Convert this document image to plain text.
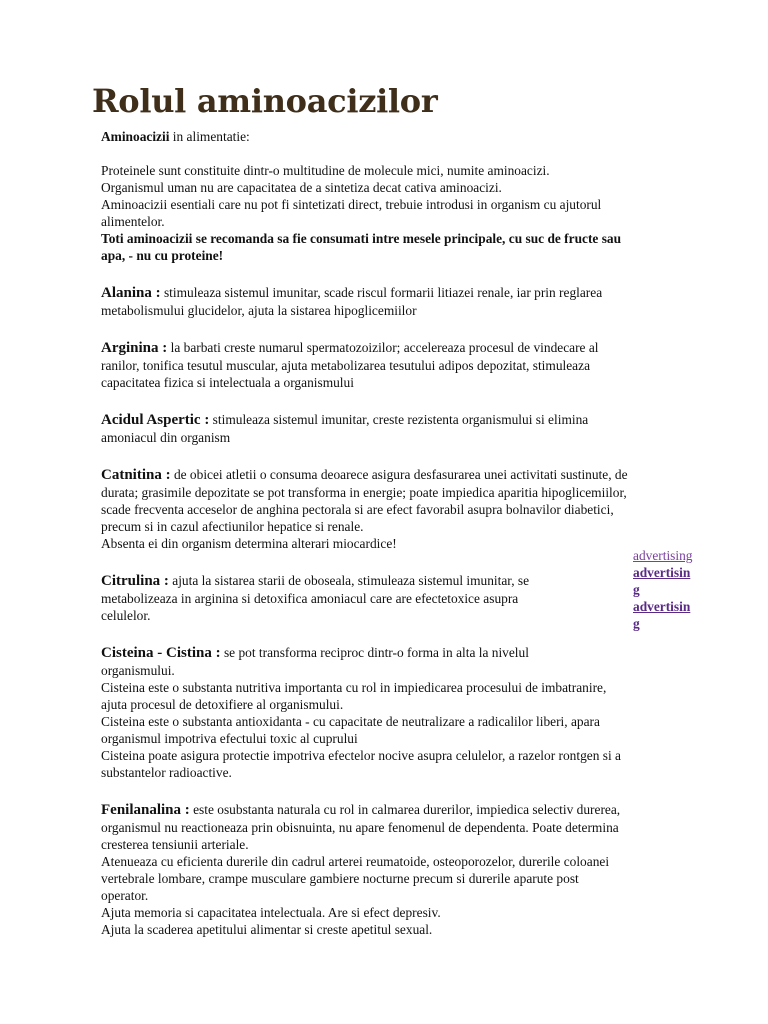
Rolul aminoacizilor
Aminoacizii in alimentatie:
Proteinele sunt constituite dintr-o multitudine de molecule mici, numite aminoacizi.
Organismul uman nu are capacitatea de a sintetiza decat cativa aminoacizi.
Aminoacizii esentiali care nu pot fi sintetizati direct, trebuie introdusi in organism cu ajutorul
alimentelor.
Toti aminoacizii se recomanda sa fie consumati intre mesele principale, cu suc de fructe sau
apa, - nu cu proteine!
Alanina : stimuleaza sistemul imunitar, scade riscul formarii litiazei renale, iar prin reglarea
metabolismului glucidelor, ajuta la sistarea hipoglicemiilor
Arginina : la barbati creste numarul spermatozoizilor; accelereaza procesul de vindecare al
ranilor, tonifica tesutul muscular, ajuta metabolizarea tesutului adipos depozitat, stimuleaza
capacitatea fizica si intelectuala a organismului
Acidul Aspertic : stimuleaza sistemul imunitar, creste rezistenta organismului si elimina
amoniacul din organism
Catnitina : de obicei atletii o consuma deoarece asigura desfasurarea unei activitati sustinute, de
durata; grasimile depozitate se pot transforma in energie; poate impiedica aparitia hipoglicemiilor,
scade frecventa acceselor de anghina pectorala si are efect favorabil asupra bolnavilor diabetici,
precum si in cazul afectiunilor hepatice si renale.
Absenta ei din organism determina alterari miocardice!
Citrulina : ajuta la sistarea starii de oboseala, stimuleaza sistemul imunitar, se
metabolizeaza in arginina si detoxifica amoniacul care are efectetoxice asupra
celulelor.
Cisteina - Cistina : se pot transforma reciproc dintr-o forma in alta la nivelul
organismului.
Cisteina este o substanta nutritiva importanta cu rol in impiedicarea procesului de imbatranire,
ajuta procesul de detoxifiere al organismului.
Cisteina este o substanta antioxidanta - cu capacitate de neutralizare a radicalilor liberi, apara
organismul impotriva efectului toxic al cuprului
Cisteina poate asigura protectie impotriva efectelor nocive asupra celulelor, a razelor rontgen si a
substantelor radioactive.
Fenilanalina : este osubstanta naturala cu rol in calmarea durerilor, impiedica selectiv durerea,
organismul nu reactioneaza prin obisnuinta, nu apare fenomenul de dependenta. Poate determina
cresterea tensiunii arteriale.
Atenueaza cu eficienta durerile din cadrul arterei reumatoide, osteoporozelor, durerile coloanei
vertebrale lombare, crampe musculare gambiere nocturne precum si durerile aparute post
operator.
Ajuta memoria si capacitatea intelectuala. Are si efect depresiv.
Ajuta la scaderea apetitului alimentar si creste apetitul sexual.
advertising
advertisin
g
advertisin
g
